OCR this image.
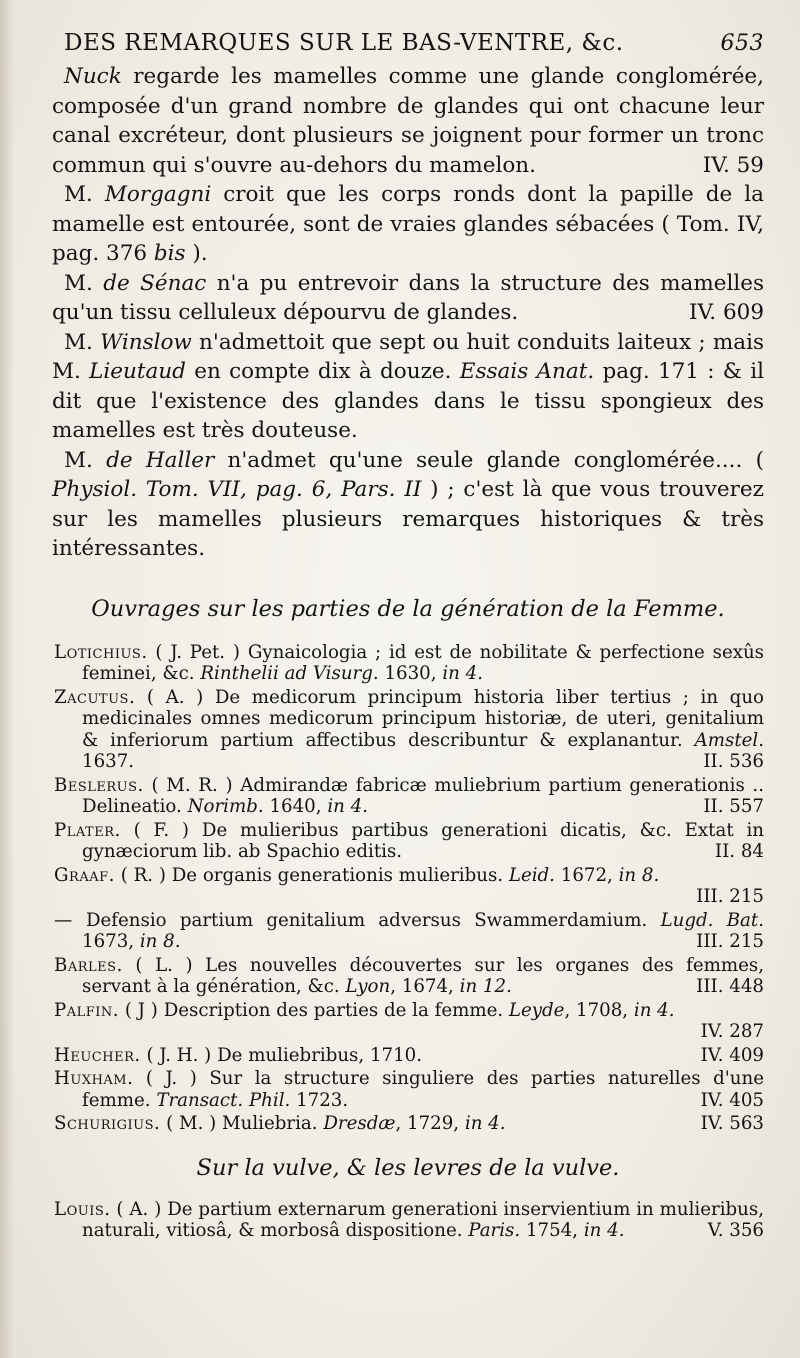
DES REMARQUES SUR LE BAS-VENTRE, &c.	653

Nuck regarde les mamelles comme une glande conglomérée, composée d'un grand nombre de glandes qui ont chacune leur canal excréteur, dont plusieurs se joignent pour former un tronc commun qui s'ouvre au-dehors du mamelon.	IV. 59

M. Morgagni croit que les corps ronds dont la papille de la mamelle est entourée, sont de vraies glandes sébacées ( Tom. IV, pag. 376 bis ).

M. de Sénac n'a pu entrevoir dans la structure des mamelles qu'un tissu celluleux dépourvu de glandes.	IV. 609

M. Winslow n'admettoit que sept ou huit conduits laiteux ; mais M. Lieutaud en compte dix à douze. Essais Anat. pag. 171 : & il dit que l'existence des glandes dans le tissu spongieux des mamelles est très douteuse.

M. de Haller n'admet qu'une seule glande conglomérée.... ( Physiol. Tom. VII, pag. 6, Pars. II ) ; c'est là que vous trouverez sur les mamelles plusieurs remarques historiques & très intéressantes.

Ouvrages sur les parties de la génération de la Femme.
Lotichius. ( J. Pet. ) Gynaicologia ; id est de nobilitate & perfectione sexûs feminei, &c. Rinthelii ad Visurg. 1630, in 4.
Zacutus. ( A. ) De medicorum principum historia liber tertius ; in quo medicinales omnes medicorum principum historiæ, de uteri, genitalium & inferiorum partium affectibus describuntur & explanantur. Amstel. 1637.	II. 536
Beslerus. ( M. R. ) Admirandæ fabricæ muliebrium partium generationis .. Delineatio. Norimb. 1640, in 4.	II. 557
Plater. ( F. ) De mulieribus partibus generationi dicatis, &c. Extat in gynæciorum lib. ab Spachio editis.	II. 84
Graaf. ( R. ) De organis generationis mulieribus. Leid. 1672, in 8.
III. 215
— Defensio partium genitalium adversus Swammerdamium. Lugd. Bat. 1673, in 8.	III. 215
Barles. ( L. ) Les nouvelles découvertes sur les organes des femmes, servant à la génération, &c. Lyon, 1674, in 12.	III. 448
Palfin. ( J ) Description des parties de la femme. Leyde, 1708, in 4.
IV. 287
Heucher. ( J. H. ) De muliebribus, 1710.	IV. 409
Huxham. ( J. ) Sur la structure singuliere des parties naturelles d'une femme. Transact. Phil. 1723.	IV. 405
Schurigius. ( M. ) Muliebria. Dresdæ, 1729, in 4.	IV. 563
Sur la vulve, & les levres de la vulve.
Louis. ( A. ) De partium externarum generationi inservientium in mulieribus, naturali, vitiosâ, & morbosâ dispositione. Paris. 1754, in 4.	V. 356
